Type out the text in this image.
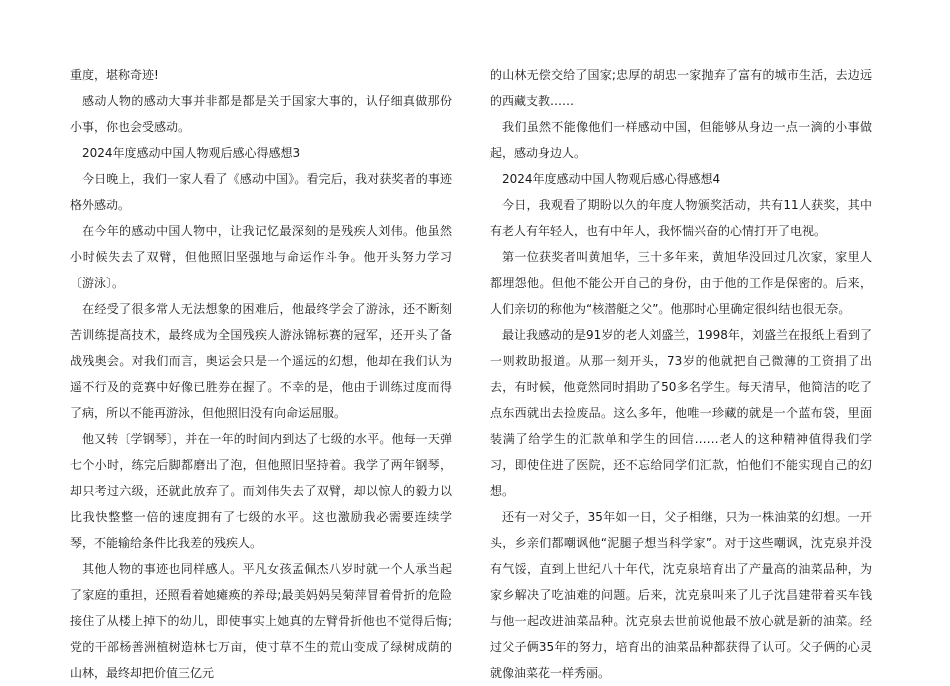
重度，堪称奇迹!

感动人物的感动大事并非都是都是关于国家大事的，认仔细真做那份小事，你也会受感动。

2024年度感动中国人物观后感心得感想3

今日晚上，我们一家人看了《感动中国》。看完后，我对获奖者的事迹格外感动。

在今年的感动中国人物中，让我记忆最深刻的是残疾人刘伟。他虽然小时候失去了双臂，但他照旧坚强地与命运作斗争。他开头努力学习〔游泳〕。

在经受了很多常人无法想象的困难后，他最终学会了游泳，还不断刻苦训练提高技术，最终成为全国残疾人游泳锦标赛的冠军，还开头了备战残奥会。对我们而言，奥运会只是一个遥远的幻想，他却在我们认为遥不行及的竞赛中好像已胜券在握了。不幸的是，他由于训练过度而得了病，所以不能再游泳，但他照旧没有向命运屈服。

他又转〔学钢琴〕，并在一年的时间内到达了七级的水平。他每一天弹七个小时，练完后脚都磨出了泡，但他照旧坚持着。我学了两年钢琴，却只考过六级，还就此放弃了。而刘伟失去了双臂，却以惊人的毅力以比我快整整一倍的速度拥有了七级的水平。这也激励我必需要连续学琴，不能输给条件比我差的残疾人。

其他人物的事迹也同样感人。平凡女孩孟佩杰八岁时就一个人承当起了家庭的重担，还照看着她瘫痪的养母;最美妈妈吴菊萍冒着骨折的危险接住了从楼上掉下的幼儿，即使事实上她真的左臂骨折他也不觉得后悔;党的干部杨善洲植树造林七万亩，使寸草不生的荒山变成了绿树成荫的山林，最终却把价值三亿元

的山林无偿交给了国家;忠厚的胡忠一家抛弃了富有的城市生活，去边远的西藏支教……

我们虽然不能像他们一样感动中国，但能够从身边一点一滴的小事做起，感动身边人。

2024年度感动中国人物观后感心得感想4

今日，我观看了期盼以久的年度人物颁奖活动，共有11人获奖，其中有老人有年轻人，也有中年人，我怀惴兴奋的心情打开了电视。

第一位获奖者叫黄旭华，三十多年来，黄旭华没回过几次家，家里人都埋怨他。但他不能公开自己的身份，由于他的工作是保密的。后来，人们亲切的称他为“核潜艇之父”。他那时心里确定很纠结也很无奈。

最让我感动的是91岁的老人刘盛兰，1998年，刘盛兰在报纸上看到了一则救助报道。从那一刻开头，73岁的他就把自己微薄的工资捐了出去，有时候，他竟然同时捐助了50多名学生。每天清早，他简洁的吃了点东西就出去捡废品。这么多年，他唯一珍藏的就是一个蓝布袋，里面装满了给学生的汇款单和学生的回信……老人的这种精神值得我们学习，即使住进了医院，还不忘给同学们汇款，怕他们不能实现自己的幻想。

还有一对父子，35年如一日，父子相继，只为一株油菜的幻想。一开头，乡亲们都嘲讽他“泥腿子想当科学家”。对于这些嘲讽，沈克泉并没有气馁，直到上世纪八十年代，沈克泉培育出了产量高的油菜品种，为家乡解决了吃油难的问题。后来，沈克泉叫来了儿子沈昌建带着买车钱与他一起改进油菜品种。沈克泉去世前说他最不放心就是新的油菜。经过父子俩35年的努力，培育出的油菜品种都获得了认可。父子俩的心灵就像油菜花一样秀丽。
